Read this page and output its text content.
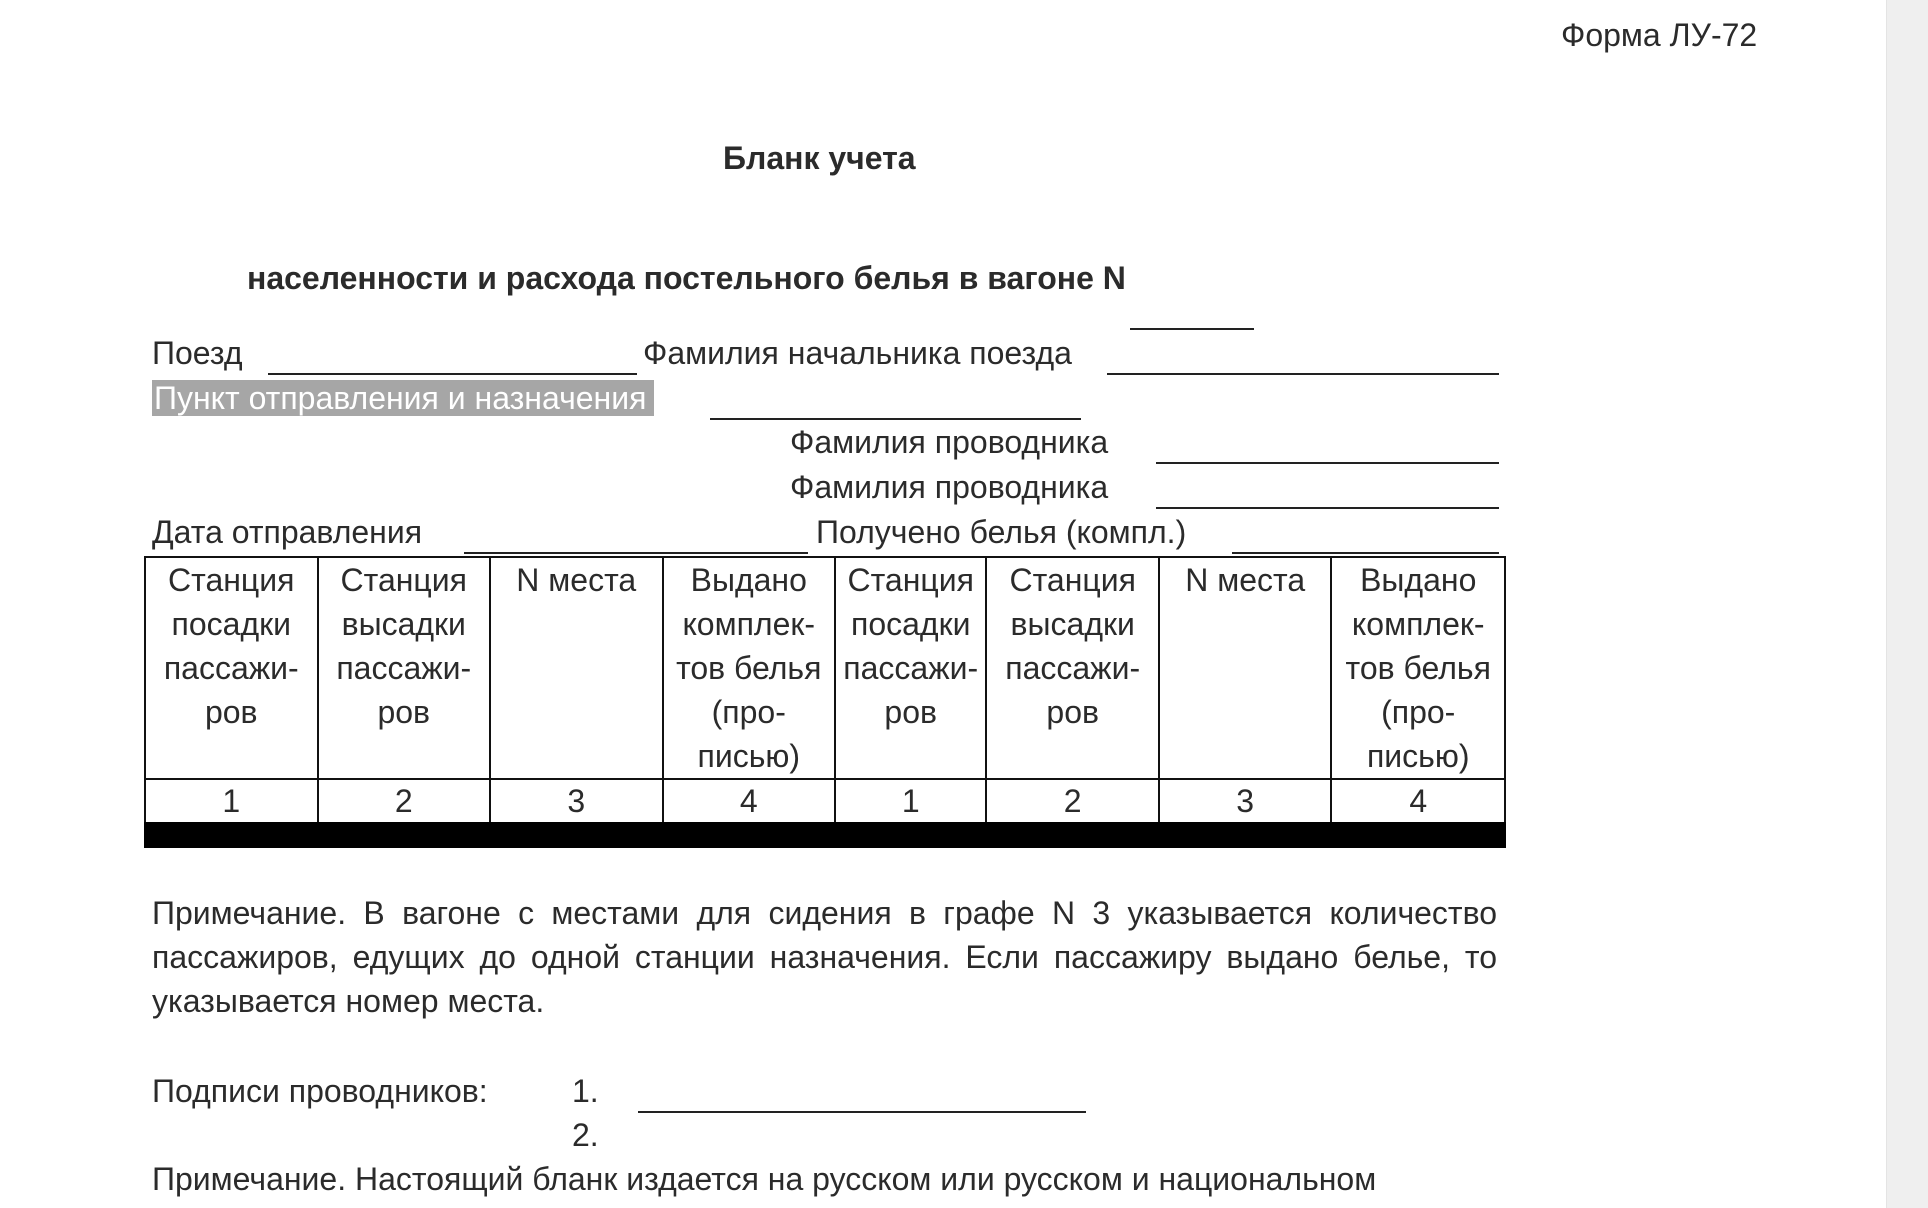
Форма ЛУ-72
Бланк учета
населенности и расхода постельного белья в вагоне N
Поезд	Фамилия начальника поезда
Пункт отправления и назначения
Фамилия проводника
Фамилия проводника
Дата отправления	Получено белья (компл.)
Станция посадки пассажи-ров	Станция высадки пассажи-ров	N места	Выдано комплек-тов белья (про-писью)	Станция посадки пассажи-ров	Станция высадки пассажи-ров	N места	Выдано комплек-тов белья (про-писью)
1	2	3	4	1	2	3	4
Примечание. В вагоне с местами для сидения в графе N 3 указывается количество пассажиров, едущих до одной станции назначения. Если пассажиру выдано белье, то указывается номер места.
Подписи проводников:	1.
2.
Примечание. Настоящий бланк издается на русском или русском и национальном
